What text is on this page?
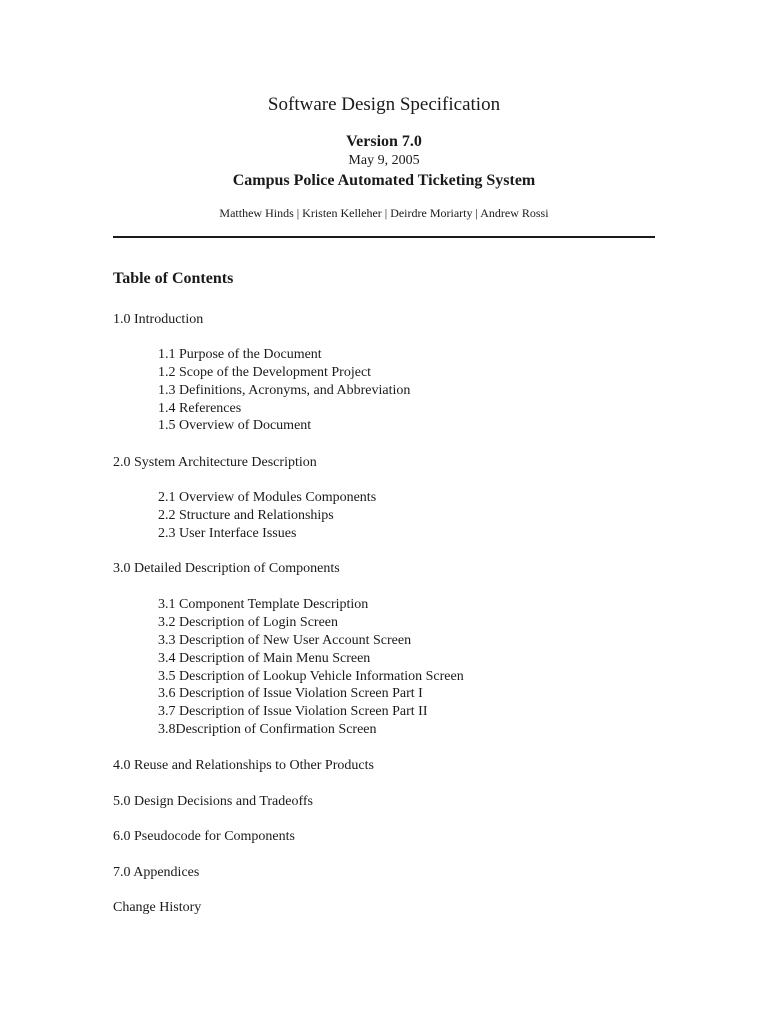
Software Design Specification
Version 7.0
May 9, 2005
Campus Police Automated Ticketing System
Matthew Hinds | Kristen Kelleher | Deirdre Moriarty | Andrew Rossi
Table of Contents
1.0 Introduction
1.1 Purpose of the Document
1.2 Scope of the Development Project
1.3 Definitions, Acronyms, and Abbreviation
1.4 References
1.5 Overview of Document
2.0 System Architecture Description
2.1 Overview of Modules Components
2.2 Structure and Relationships
2.3 User Interface Issues
3.0 Detailed Description of Components
3.1 Component Template Description
3.2 Description of Login Screen
3.3 Description of New User Account Screen
3.4 Description of Main Menu Screen
3.5 Description of Lookup Vehicle Information Screen
3.6 Description of Issue Violation Screen Part I
3.7 Description of Issue Violation Screen Part II
3.8Description of Confirmation Screen
4.0 Reuse and Relationships to Other Products
5.0 Design Decisions and Tradeoffs
6.0 Pseudocode for Components
7.0 Appendices
Change History
